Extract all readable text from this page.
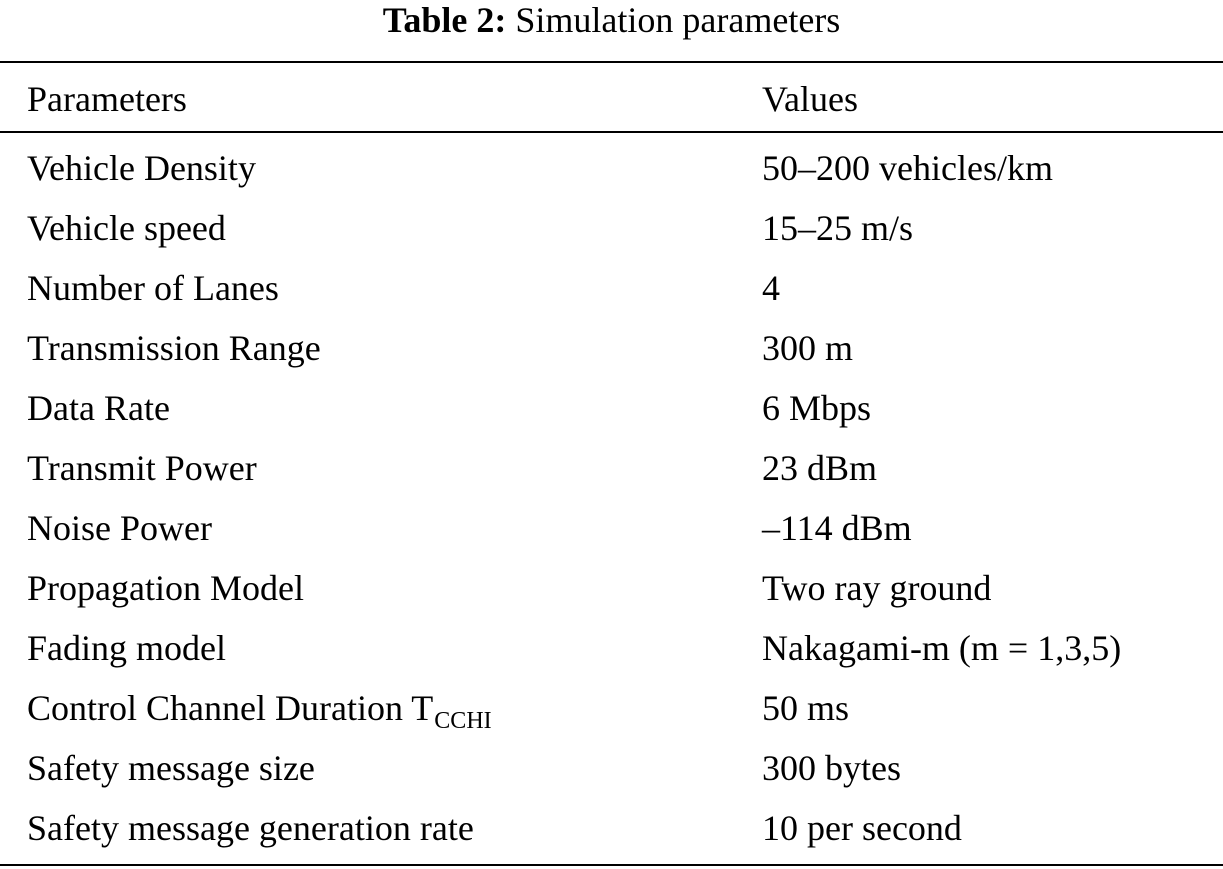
Table 2: Simulation parameters
Parameters	Values
Vehicle Density	50–200 vehicles/km
Vehicle speed	15–25 m/s
Number of Lanes	4
Transmission Range	300 m
Data Rate	6 Mbps
Transmit Power	23 dBm
Noise Power	–114 dBm
Propagation Model	Two ray ground
Fading model	Nakagami-m (m = 1,3,5)
Control Channel Duration $T_{CCHI}$	50 ms
Safety message size	300 bytes
Safety message generation rate	10 per second
